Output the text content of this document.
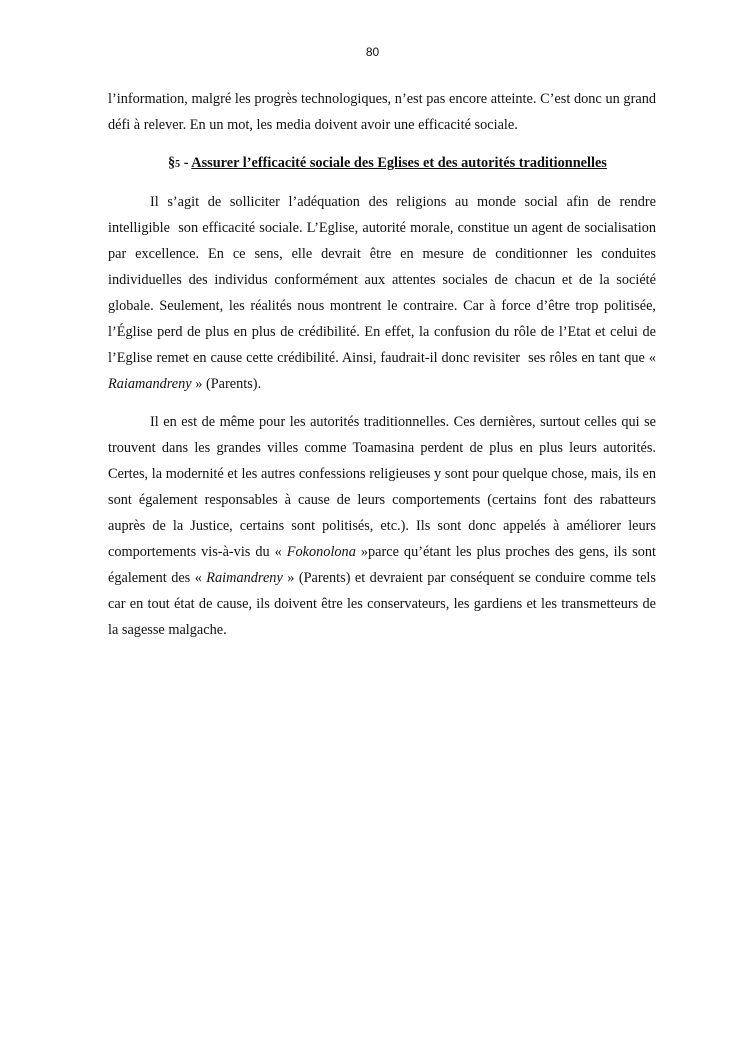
80

l’information, malgré les progrès technologiques, n’est pas encore atteinte. C’est donc un grand défi à relever. En un mot, les media doivent avoir une efficacité sociale.

§5 - Assurer l’efficacité sociale des Eglises et des autorités traditionnelles

Il s’agit de solliciter l’adéquation des religions au monde social afin de rendre intelligible  son efficacité sociale. L’Eglise, autorité morale, constitue un agent de socialisation par excellence. En ce sens, elle devrait être en mesure de conditionner les conduites individuelles des individus conformément aux attentes sociales de chacun et de la société globale. Seulement, les réalités nous montrent le contraire. Car à force d’être trop politisée, l’Église perd de plus en plus de crédibilité. En effet, la confusion du rôle de l’Etat et celui de l’Eglise remet en cause cette crédibilité. Ainsi, faudrait-il donc revisiter  ses rôles en tant que « Raiamandreny » (Parents).

Il en est de même pour les autorités traditionnelles. Ces dernières, surtout celles qui se trouvent dans les grandes villes comme Toamasina perdent de plus en plus leurs autorités. Certes, la modernité et les autres confessions religieuses y sont pour quelque chose, mais, ils en sont également responsables à cause de leurs comportements (certains font des rabatteurs auprès de la Justice, certains sont politisés, etc.). Ils sont donc appelés à améliorer leurs comportements vis-à-vis du « Fokonolona »parce qu’étant les plus proches des gens, ils sont également des « Raimandreny » (Parents) et devraient par conséquent se conduire comme tels car en tout état de cause, ils doivent être les conservateurs, les gardiens et les transmetteurs de la sagesse malgache.
